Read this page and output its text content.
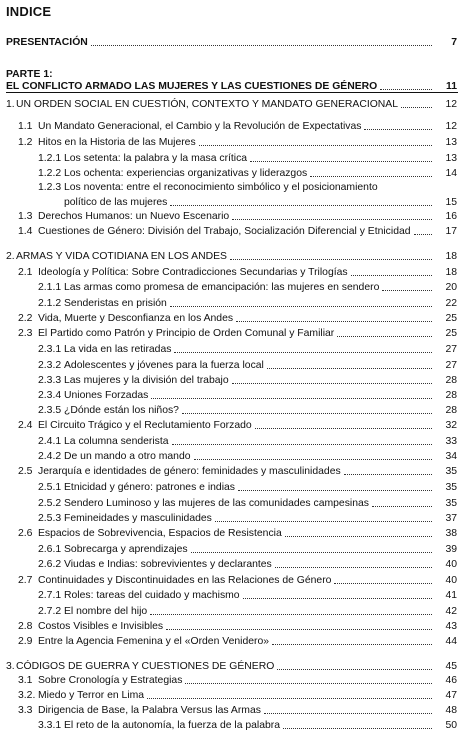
INDICE
PRESENTACIÓN	7
PARTE 1:
EL CONFLICTO ARMADO LAS MUJERES Y LAS CUESTIONES DE GÉNERO	11
1. UN ORDEN SOCIAL EN CUESTIÓN, CONTEXTO Y MANDATO GENERACIONAL	12
1.1 Un Mandato Generacional, el Cambio y la Revolución de Expectativas	12
1.2 Hitos en la Historia de las Mujeres	13
1.2.1 Los setenta: la palabra y la masa crítica	13
1.2.2 Los ochenta: experiencias organizativas y liderazgos	14
1.2.3 Los noventa: entre el reconocimiento simbólico y el posicionamiento
político de las mujeres	15
1.3 Derechos Humanos: un Nuevo Escenario	16
1.4 Cuestiones de Género: División del Trabajo, Socialización Diferencial y Etnicidad	17
2. ARMAS Y VIDA COTIDIANA EN LOS ANDES	18
2.1 Ideología y Política: Sobre Contradicciones Secundarias y Trilogías	18
2.1.1 Las armas como promesa de emancipación: las mujeres en sendero	20
2.1.2 Senderistas en prisión	22
2.2 Vida, Muerte y Desconfianza en los Andes	25
2.3 El Partido como Patrón y Principio de Orden Comunal y Familiar	25
2.3.1 La vida en las retiradas	27
2.3.2 Adolescentes y jóvenes para la fuerza local	27
2.3.3 Las mujeres y la división del trabajo	28
2.3.4 Uniones Forzadas	28
2.3.5 ¿Dónde están los niños?	28
2.4 El Circuito Trágico y el Reclutamiento Forzado	32
2.4.1 La columna senderista	33
2.4.2 De un mando a otro mando	34
2.5 Jerarquía e identidades de género: feminidades y masculinidades	35
2.5.1 Etnicidad y género: patrones e indias	35
2.5.2 Sendero Luminoso y las mujeres de las comunidades campesinas	35
2.5.3 Femineidades y masculinidades	37
2.6 Espacios de Sobrevivencia, Espacios de Resistencia	38
2.6.1 Sobrecarga y aprendizajes	39
2.6.2 Viudas e Indias: sobrevivientes y declarantes	40
2.7 Continuidades y Discontinuidades en las Relaciones de Género	40
2.7.1 Roles: tareas del cuidado y machismo	41
2.7.2 El nombre del hijo	42
2.8 Costos Visibles e Invisibles	43
2.9 Entre la Agencia Femenina y el «Orden Venidero»	44
3. CÓDIGOS DE GUERRA Y CUESTIONES DE GÉNERO	45
3.1 Sobre Cronología y Estrategias	46
3.2. Miedo y Terror en Lima	47
3.3 Dirigencia de Base, la Palabra Versus las Armas	48
3.3.1 El reto de la autonomía, la fuerza de la palabra	50
